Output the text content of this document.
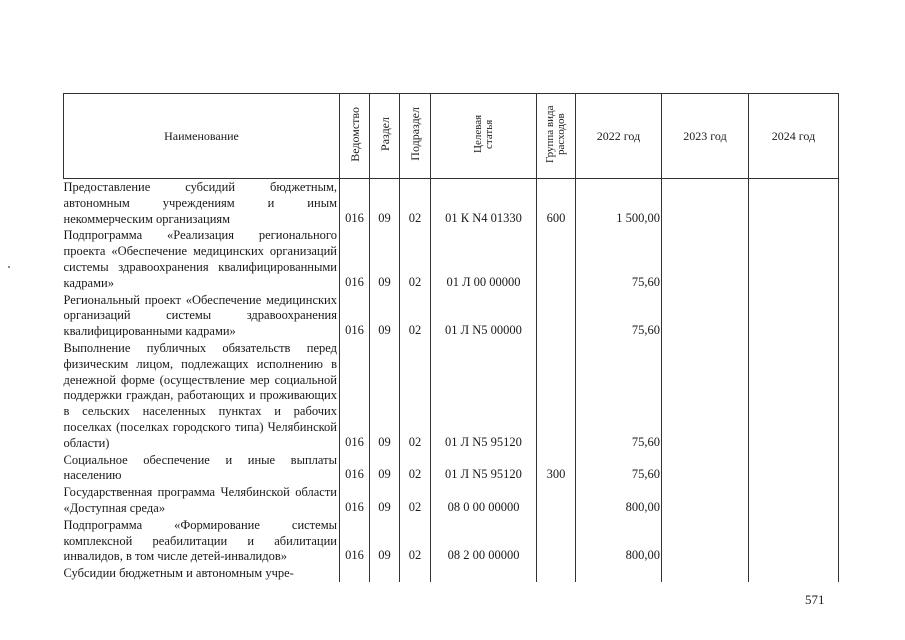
Наименование	Ведомство	Раздел	Подраздел	Целевая статья	Группа вида расходов	2022 год	2023 год	2024 год
Предоставление субсидий бюджетным, автономным учреждениям и иным некоммерческим организациям	016	09	02	01 К N4 01330	600	1 500,00		
Подпрограмма «Реализация регионального проекта «Обеспечение медицинских организаций системы здравоохранения квалифицированными кадрами»	016	09	02	01 Л 00 00000		75,60		
Региональный проект «Обеспечение медицинских организаций системы здравоохранения квалифицированными кадрами»	016	09	02	01 Л N5 00000		75,60		
Выполнение публичных обязательств перед физическим лицом, подлежащих исполнению в денежной форме (осуществление мер социальной поддержки граждан, работающих и проживающих в сельских населенных пунктах и рабочих поселках (поселках городского типа) Челябинской области)	016	09	02	01 Л N5 95120		75,60		
Социальное обеспечение и иные выплаты населению	016	09	02	01 Л N5 95120	300	75,60		
Государственная программа Челябинской области «Доступная среда»	016	09	02	08 0 00 00000		800,00		
Подпрограмма «Формирование системы комплексной реабилитации и абилитации инвалидов, в том числе детей-инвалидов»	016	09	02	08 2 00 00000		800,00		
Субсидии бюджетным и автономным учре-								
571
